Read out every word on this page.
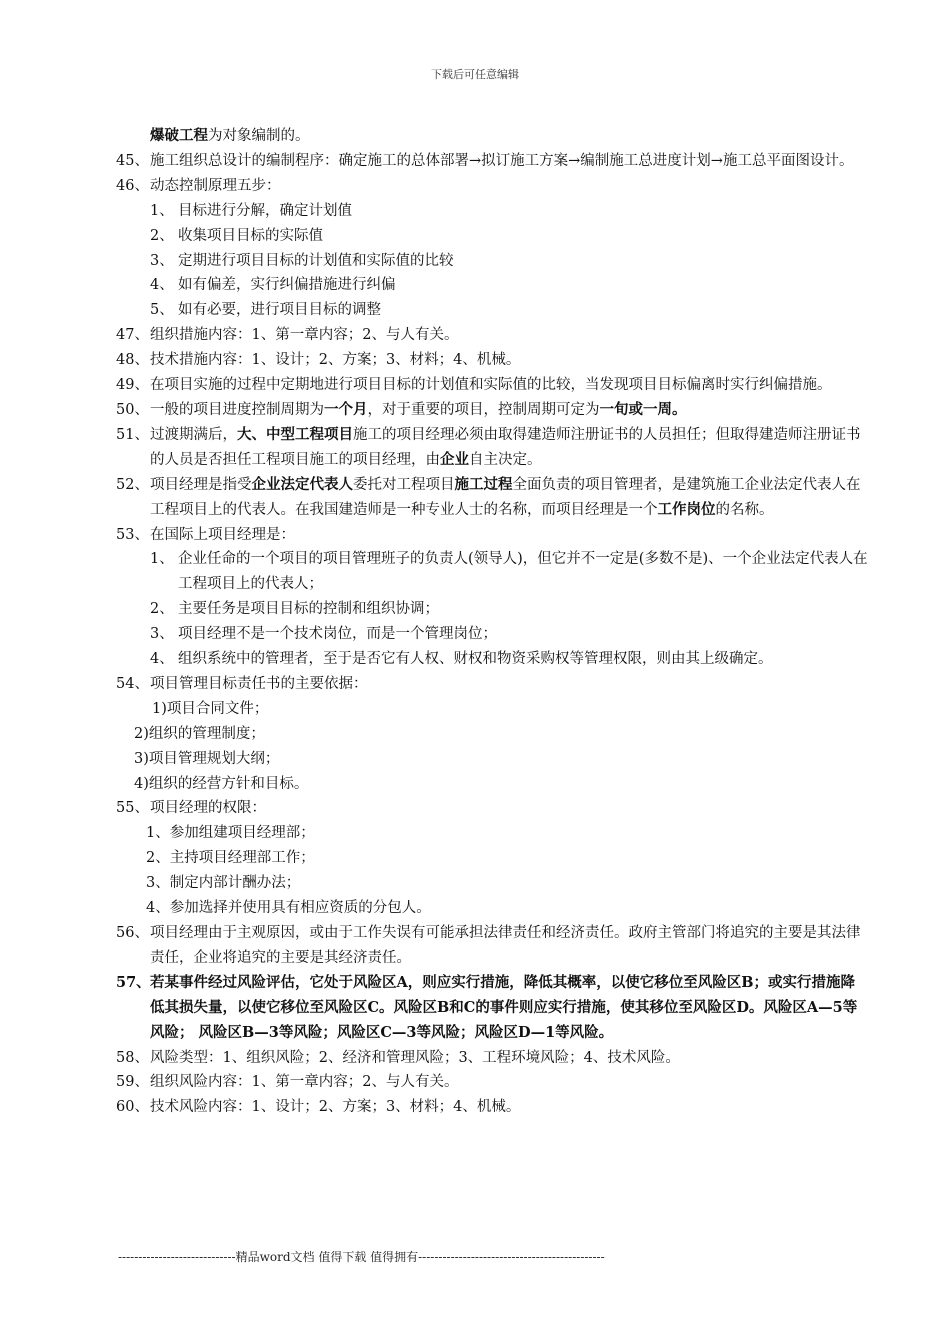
下载后可任意编辑
爆破工程为对象编制的。
45、 施工组织总设计的编制程序：确定施工的总体部署→拟订施工方案→编制施工总进度计划→施工总平面图设计。
46、 动态控制原理五步：
1、 目标进行分解，确定计划值
2、 收集项目目标的实际值
3、 定期进行项目目标的计划值和实际值的比较
4、 如有偏差，实行纠偏措施进行纠偏
5、 如有必要，进行项目目标的调整
47、 组织措施内容：1、第一章内容；2、与人有关。
48、 技术措施内容：1、设计；2、方案；3、材料；4、机械。
49、 在项目实施的过程中定期地进行项目目标的计划值和实际值的比较，当发现项目目标偏离时实行纠偏措施。
50、 一般的项目进度控制周期为一个月，对于重要的项目，控制周期可定为一旬或一周。
51、 过渡期满后，大、中型工程项目施工的项目经理必须由取得建造师注册证书的人员担任；但取得建造师注册证书的人员是否担任工程项目施工的项目经理，由企业自主决定。
52、 项目经理是指受企业法定代表人委托对工程项目施工过程全面负责的项目管理者，是建筑施工企业法定代表人在工程项目上的代表人。在我国建造师是一种专业人士的名称，而项目经理是一个工作岗位的名称。
53、 在国际上项目经理是：
1、 企业任命的一个项目的项目管理班子的负责人(领导人)，但它并不一定是(多数不是)、一个企业法定代表人在工程项目上的代表人；
2、 主要任务是项目目标的控制和组织协调；
3、 项目经理不是一个技术岗位，而是一个管理岗位；
4、 组织系统中的管理者，至于是否它有人权、财权和物资采购权等管理权限，则由其上级确定。
54、 项目管理目标责任书的主要依据：
1)项目合同文件；
2)组织的管理制度；
3)项目管理规划大纲；
4)组织的经营方针和目标。
55、 项目经理的权限：
1、参加组建项目经理部；
2、主持项目经理部工作；
3、制定内部计酬办法；
4、参加选择并使用具有相应资质的分包人。
56、 项目经理由于主观原因，或由于工作失误有可能承担法律责任和经济责任。政府主管部门将追究的主要是其法律责任，企业将追究的主要是其经济责任。
57、 若某事件经过风险评估，它处于风险区A，则应实行措施，降低其概率，以使它移位至风险区B；或实行措施降低其损失量，以使它移位至风险区C。风险区B和C的事件则应实行措施，使其移位至风险区D。风险区A—5等风险； 风险区B—3等风险；风险区C—3等风险；风险区D—1等风险。
58、 风险类型：1、组织风险；2、经济和管理风险；3、工程环境风险；4、技术风险。
59、 组织风险内容：1、第一章内容；2、与人有关。
60、 技术风险内容：1、设计；2、方案；3、材料；4、机械。
-----------------------------精品word文档 值得下载 值得拥有----------------------------------------------
